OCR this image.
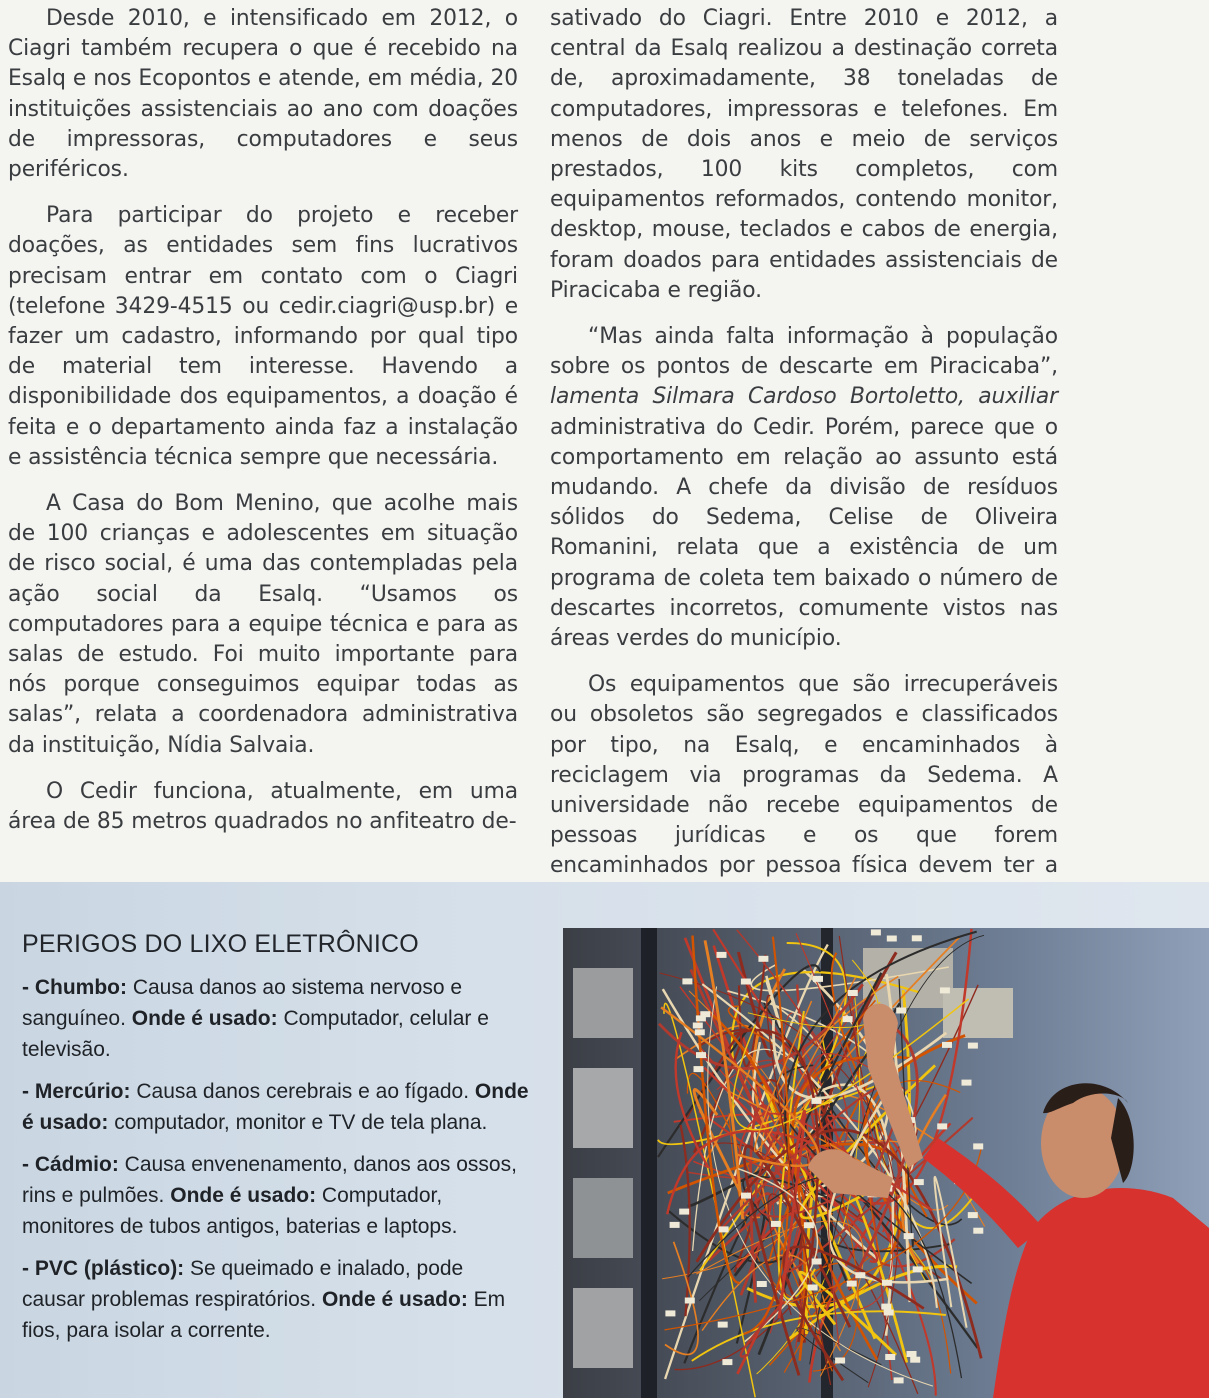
Desde 2010, e intensificado em 2012, o Ciagri também recupera o que é recebido na Esalq e nos Ecopontos e atende, em média, 20 instituições assistenciais ao ano com doações de impressoras, computadores e seus periféricos.

Para participar do projeto e receber doações, as entidades sem fins lucrativos precisam entrar em contato com o Ciagri (telefone 3429-4515 ou cedir.ciagri@usp.br) e fazer um cadastro, informando por qual tipo de material tem interesse. Havendo a disponibilidade dos equipamentos, a doação é feita e o departamento ainda faz a instalação e assistência técnica sempre que necessária.

A Casa do Bom Menino, que acolhe mais de 100 crianças e adolescentes em situação de risco social, é uma das contempladas pela ação social da Esalq. “Usamos os computadores para a equipe técnica e para as salas de estudo. Foi muito importante para nós porque conseguimos equipar todas as salas”, relata a coordenadora administrativa da instituição, Nídia Salvaia.

O Cedir funciona, atualmente, em uma área de 85 metros quadrados no anfiteatro de-

sativado do Ciagri. Entre 2010 e 2012, a central da Esalq realizou a destinação correta de, aproximadamente, 38 toneladas de computadores, impressoras e telefones. Em menos de dois anos e meio de serviços prestados, 100 kits completos, com equipamentos reformados, contendo monitor, desktop, mouse, teclados e cabos de energia, foram doados para entidades assistenciais de Piracicaba e região.

“Mas ainda falta informação à população sobre os pontos de descarte em Piracicaba”, lamenta Silmara Cardoso Bortoletto, auxiliar administrativa do Cedir. Porém, parece que o comportamento em relação ao assunto está mudando. A chefe da divisão de resíduos sólidos do Sedema, Celise de Oliveira Romanini, relata que a existência de um programa de coleta tem baixado o número de descartes incorretos, comumente vistos nas áreas verdes do município.

Os equipamentos que são irrecuperáveis ou obsoletos são segregados e classificados por tipo, na Esalq, e encaminhados à reciclagem via programas da Sedema. A universidade não recebe equipamentos de pessoas jurídicas e os que forem encaminhados por pessoa física devem ter a

PERIGOS DO LIXO ELETRÔNICO
- Chumbo: Causa danos ao sistema nervoso e sanguíneo. Onde é usado: Computador, celular e televisão.
- Mercúrio: Causa danos cerebrais e ao fígado. Onde é usado: computador, monitor e TV de tela plana.
- Cádmio: Causa envenenamento, danos aos ossos, rins e pulmões. Onde é usado: Computador, monitores de tubos antigos, baterias e laptops.
- PVC (plástico): Se queimado e inalado, pode causar problemas respiratórios. Onde é usado: Em fios, para isolar a corrente.
